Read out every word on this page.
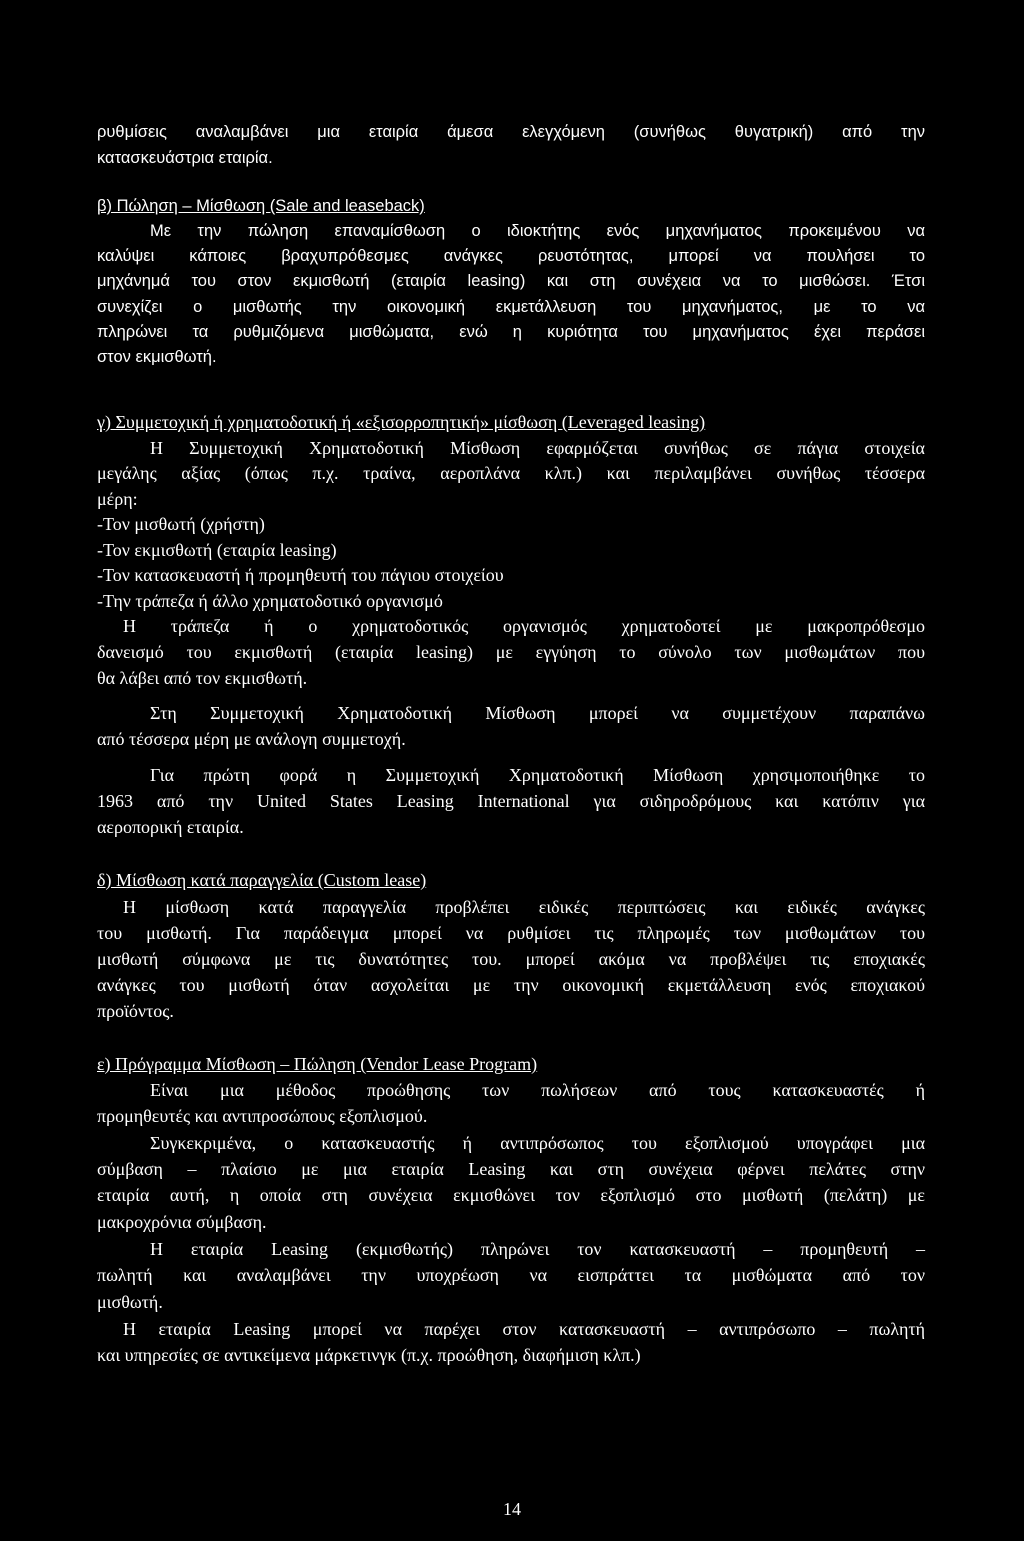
ρυθμίσεις αναλαμβάνει μια εταιρία άμεσα ελεγχόμενη (συνήθως θυγατρική) από την

κατασκευάστρια εταιρία.

β) Πώληση – Μίσθωση (Sale and leaseback)

Με την πώληση επαναμίσθωση ο ιδιοκτήτης ενός μηχανήματος προκειμένου να

καλύψει κάποιες βραχυπρόθεσμες ανάγκες ρευστότητας, μπορεί να πουλήσει το

μηχάνημά του στον εκμισθωτή (εταιρία leasing) και στη συνέχεια να το μισθώσει. Έτσι

συνεχίζει ο μισθωτής την οικονομική εκμετάλλευση του μηχανήματος, με το να

πληρώνει τα ρυθμιζόμενα μισθώματα, ενώ η κυριότητα του μηχανήματος έχει περάσει

στον εκμισθωτή.

γ) Συμμετοχική ή χρηματοδοτική ή «εξισορροπητική» μίσθωση (Leveraged leasing)

Η Συμμετοχική Χρηματοδοτική Μίσθωση εφαρμόζεται συνήθως σε πάγια στοιχεία

μεγάλης αξίας (όπως π.χ. τραίνα, αεροπλάνα κλπ.) και περιλαμβάνει συνήθως τέσσερα

μέρη:

-Τον μισθωτή (χρήστη)

-Τον εκμισθωτή (εταιρία leasing)

-Τον κατασκευαστή ή προμηθευτή του πάγιου στοιχείου

-Την τράπεζα ή άλλο χρηματοδοτικό οργανισμό

Η τράπεζα ή ο χρηματοδοτικός οργανισμός χρηματοδοτεί με μακροπρόθεσμο

δανεισμό του εκμισθωτή (εταιρία leasing) με εγγύηση το σύνολο των μισθωμάτων που

θα λάβει από τον εκμισθωτή.

Στη Συμμετοχική Χρηματοδοτική Μίσθωση μπορεί να συμμετέχουν παραπάνω

από τέσσερα μέρη με ανάλογη συμμετοχή.

Για πρώτη φορά η Συμμετοχική Χρηματοδοτική Μίσθωση χρησιμοποιήθηκε το

1963 από την United States Leasing International για σιδηροδρόμους και κατόπιν για

αεροπορική εταιρία.

δ) Μίσθωση κατά παραγγελία (Custom lease)

Η μίσθωση κατά παραγγελία προβλέπει ειδικές περιπτώσεις και ειδικές ανάγκες

του μισθωτή. Για παράδειγμα μπορεί να ρυθμίσει τις πληρωμές των μισθωμάτων του

μισθωτή σύμφωνα με τις δυνατότητες του. μπορεί ακόμα να προβλέψει τις εποχιακές

ανάγκες του μισθωτή όταν ασχολείται με την οικονομική εκμετάλλευση ενός εποχιακού

προϊόντος.

ε) Πρόγραμμα Μίσθωση – Πώληση (Vendor Lease Program)

Είναι μια μέθοδος προώθησης των πωλήσεων από τους κατασκευαστές ή

προμηθευτές και αντιπροσώπους εξοπλισμού.

Συγκεκριμένα, ο κατασκευαστής ή αντιπρόσωπος του εξοπλισμού υπογράφει μια

σύμβαση – πλαίσιο με μια εταιρία Leasing και στη συνέχεια φέρνει πελάτες στην

εταιρία αυτή, η οποία στη συνέχεια εκμισθώνει τον εξοπλισμό στο μισθωτή (πελάτη) με

μακροχρόνια σύμβαση.

Η εταιρία Leasing (εκμισθωτής) πληρώνει τον κατασκευαστή – προμηθευτή –

πωλητή και αναλαμβάνει την υποχρέωση να εισπράττει τα μισθώματα από τον

μισθωτή.

Η εταιρία Leasing μπορεί να παρέχει στον κατασκευαστή – αντιπρόσωπο – πωλητή

και υπηρεσίες σε αντικείμενα μάρκετινγκ (π.χ. προώθηση, διαφήμιση κλπ.)

14
